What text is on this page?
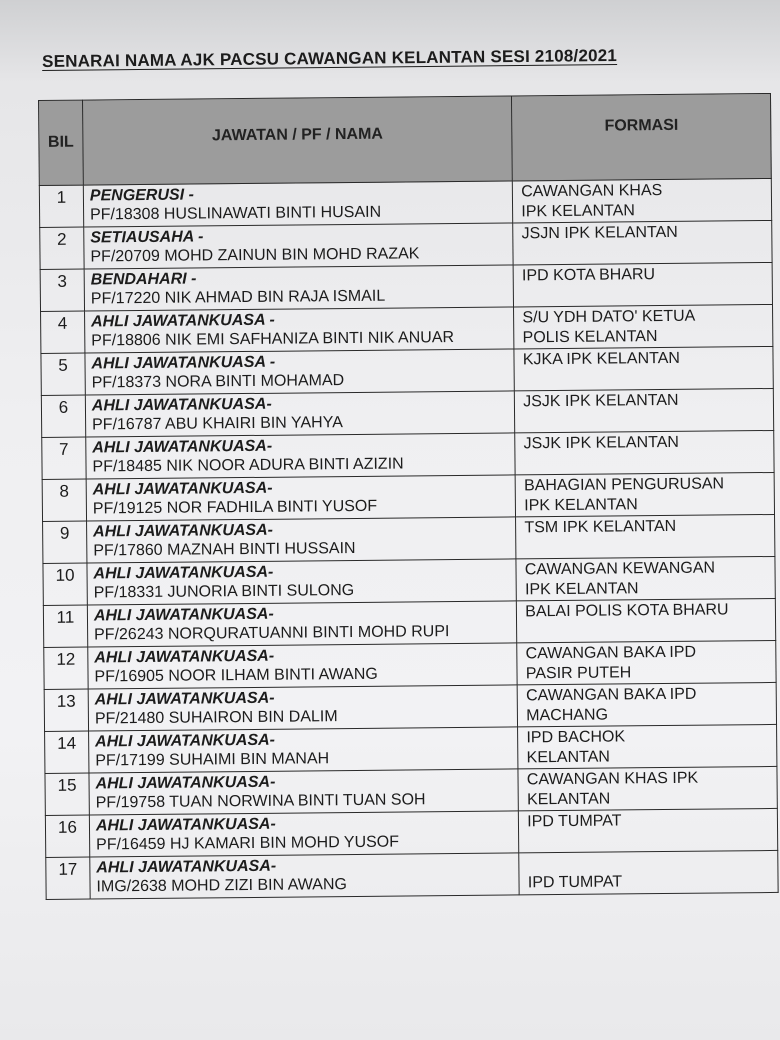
SENARAI NAMA AJK PACSU CAWANGAN KELANTAN SESI 2108/2021
BIL	JAWATAN / PF / NAMA	FORMASI
1	PENGERUSI -
PF/18308 HUSLINAWATI BINTI HUSAIN	CAWANGAN KHAS
IPK KELANTAN

2	SETIAUSAHA -
PF/20709 MOHD ZAINUN BIN MOHD RAZAK	JSJN IPK KELANTAN

3	BENDAHARI -
PF/17220 NIK AHMAD BIN RAJA ISMAIL	IPD KOTA BHARU

4	AHLI JAWATANKUASA -
PF/18806 NIK EMI SAFHANIZA BINTI NIK ANUAR	S/U YDH DATO' KETUA
POLIS KELANTAN

5	AHLI JAWATANKUASA -
PF/18373 NORA BINTI MOHAMAD	KJKA IPK KELANTAN

6	AHLI JAWATANKUASA-
PF/16787 ABU KHAIRI BIN YAHYA	JSJK IPK KELANTAN

7	AHLI JAWATANKUASA-
PF/18485 NIK NOOR ADURA BINTI AZIZIN	JSJK IPK KELANTAN

8	AHLI JAWATANKUASA-
PF/19125 NOR FADHILA BINTI YUSOF	BAHAGIAN PENGURUSAN
IPK KELANTAN

9	AHLI JAWATANKUASA-
PF/17860 MAZNAH BINTI HUSSAIN	TSM IPK KELANTAN

10	AHLI JAWATANKUASA-
PF/18331 JUNORIA BINTI SULONG	CAWANGAN KEWANGAN
IPK KELANTAN

11	AHLI JAWATANKUASA-
PF/26243 NORQURATUANNI BINTI MOHD RUPI	BALAI POLIS KOTA BHARU

12	AHLI JAWATANKUASA-
PF/16905 NOOR ILHAM BINTI AWANG	CAWANGAN BAKA IPD
PASIR PUTEH

13	AHLI JAWATANKUASA-
PF/21480 SUHAIRON BIN DALIM	CAWANGAN BAKA IPD
MACHANG

14	AHLI JAWATANKUASA-
PF/17199 SUHAIMI BIN MANAH	IPD BACHOK
KELANTAN

15	AHLI JAWATANKUASA-
PF/19758 TUAN NORWINA BINTI TUAN SOH	CAWANGAN KHAS IPK
KELANTAN

16	AHLI JAWATANKUASA-
PF/16459 HJ KAMARI BIN MOHD YUSOF	IPD TUMPAT

17	AHLI JAWATANKUASA-
IMG/2638 MOHD ZIZI BIN AWANG	IPD TUMPAT
